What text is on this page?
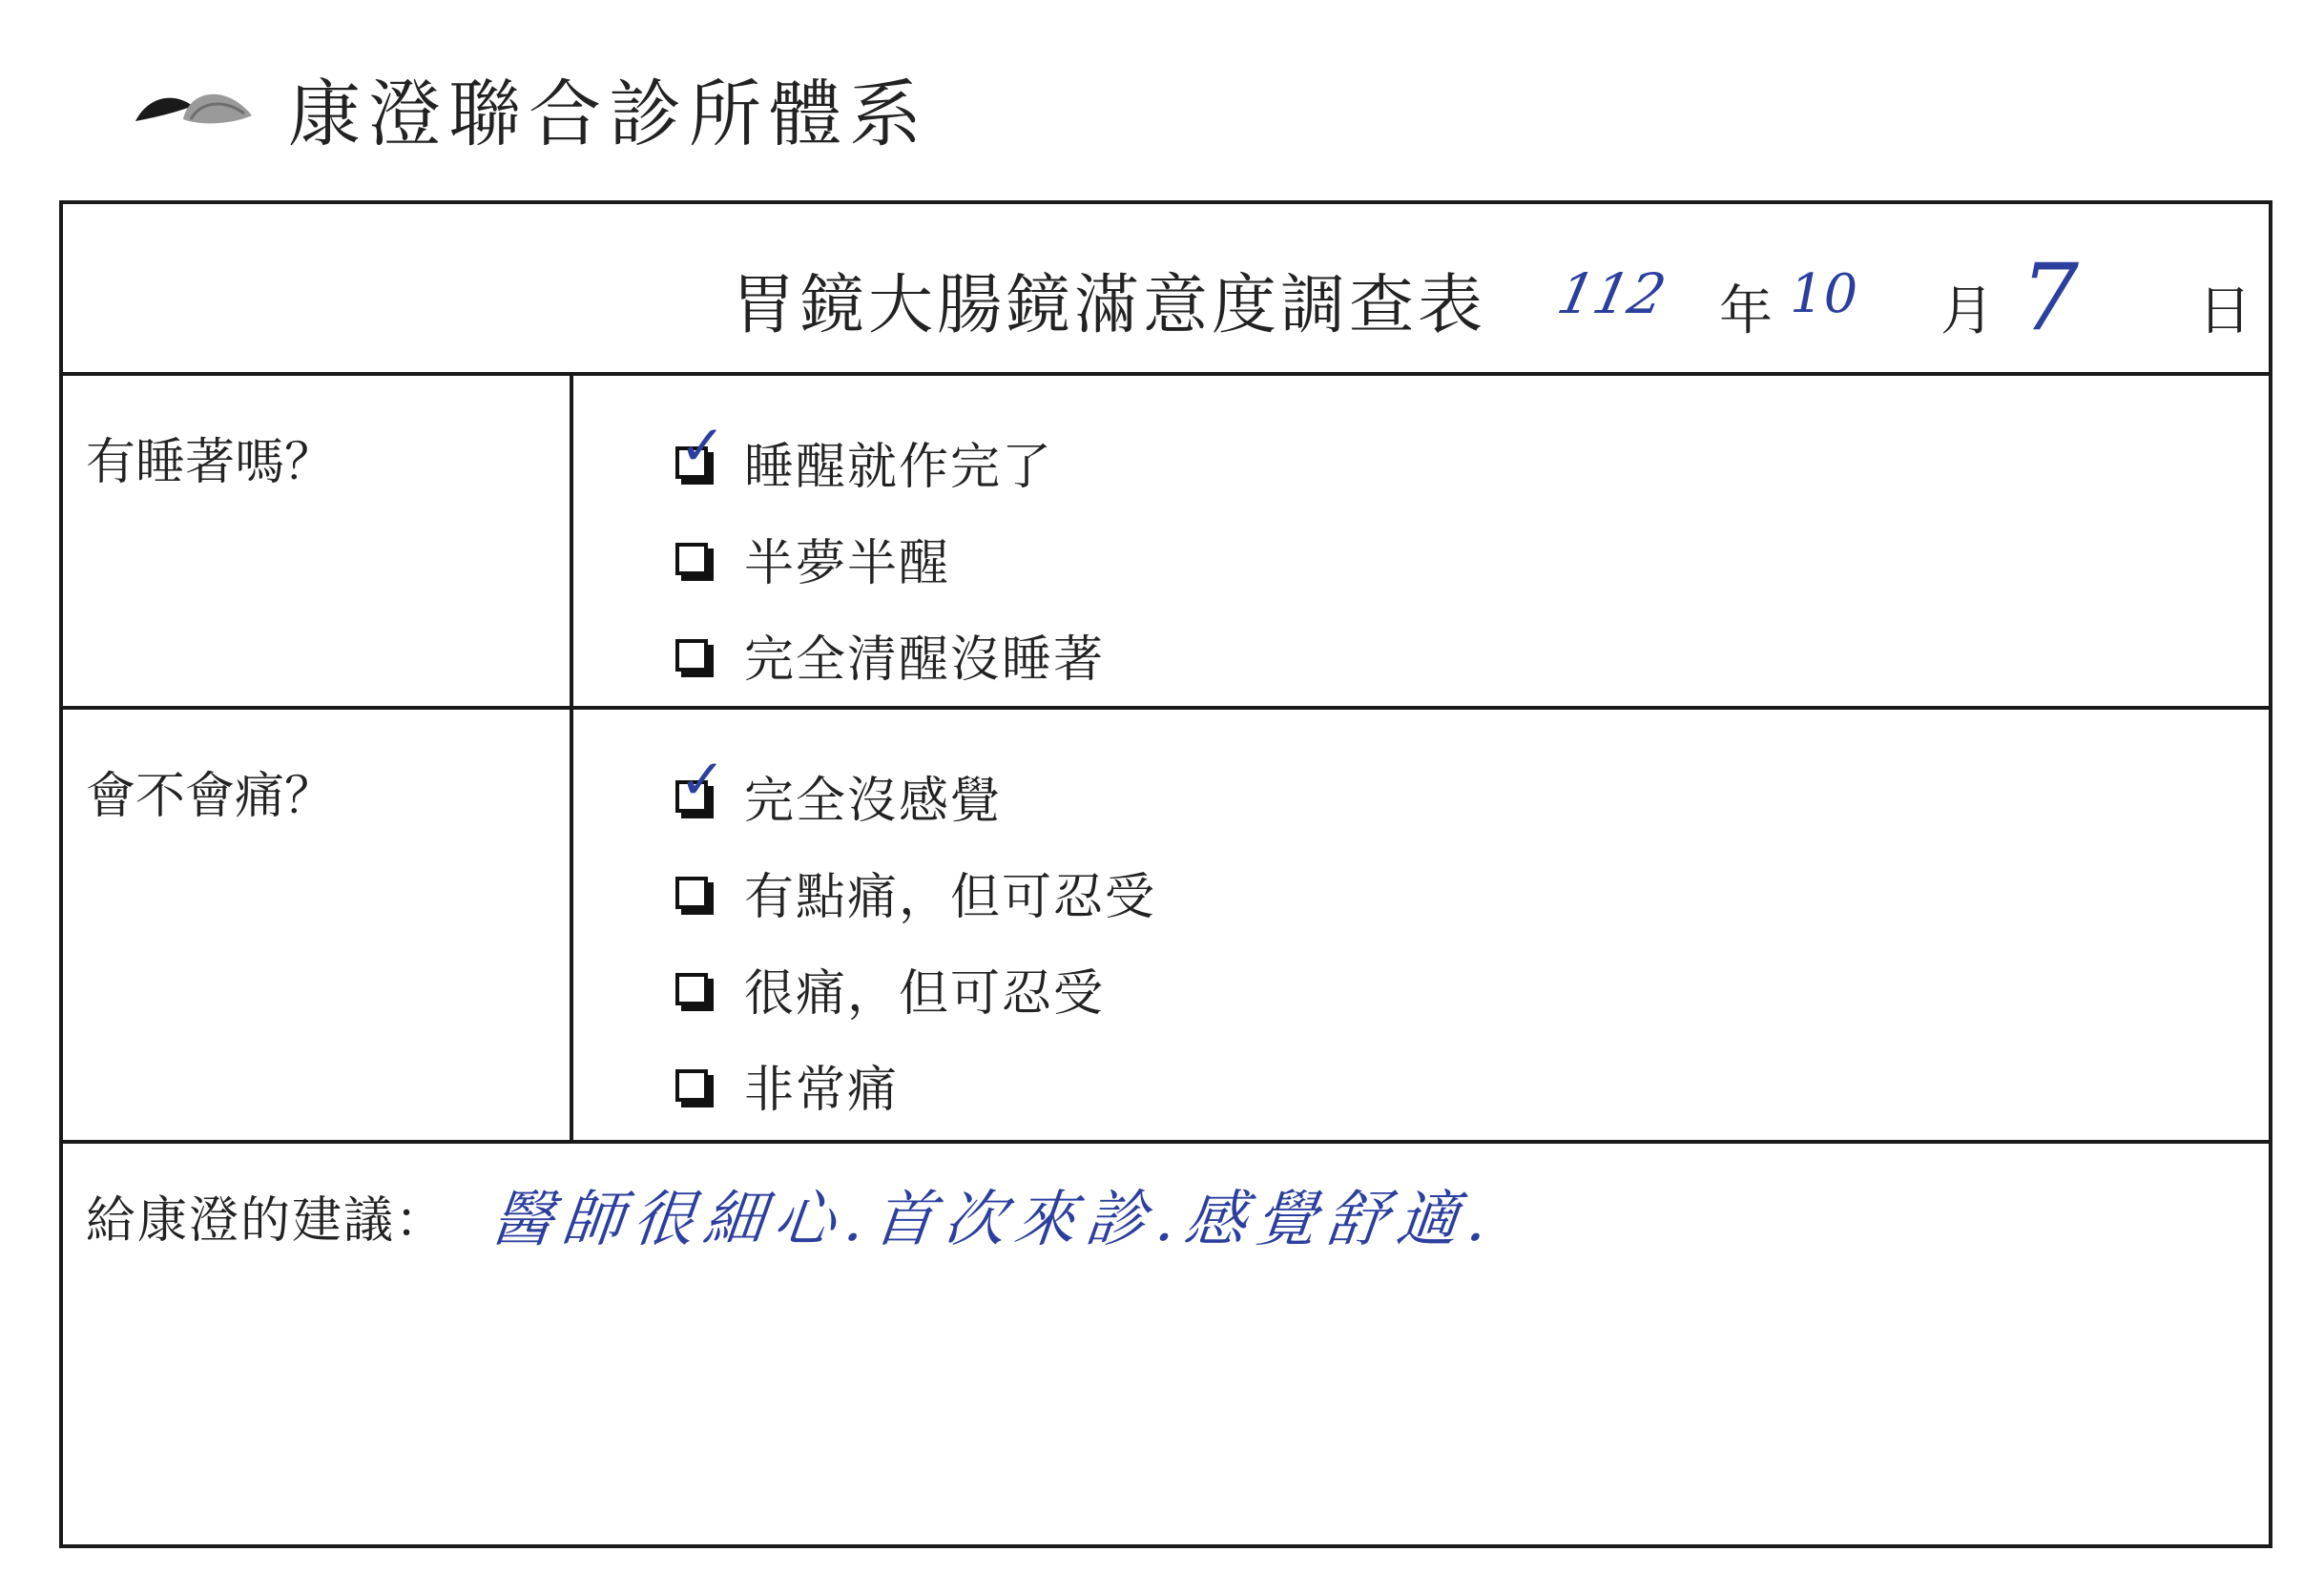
康澄聯合診所體系
胃鏡大腸鏡滿意度調查表 112 年 10 月 7 日
有睡著嗎？	✓ 睡醒就作完了
半夢半醒
完全清醒沒睡著
會不會痛？	✓ 完全沒感覺
有點痛，但可忍受
很痛，但可忍受
非常痛
給康澄的建議： 醫師很細心.首次來診.感覺舒適.
